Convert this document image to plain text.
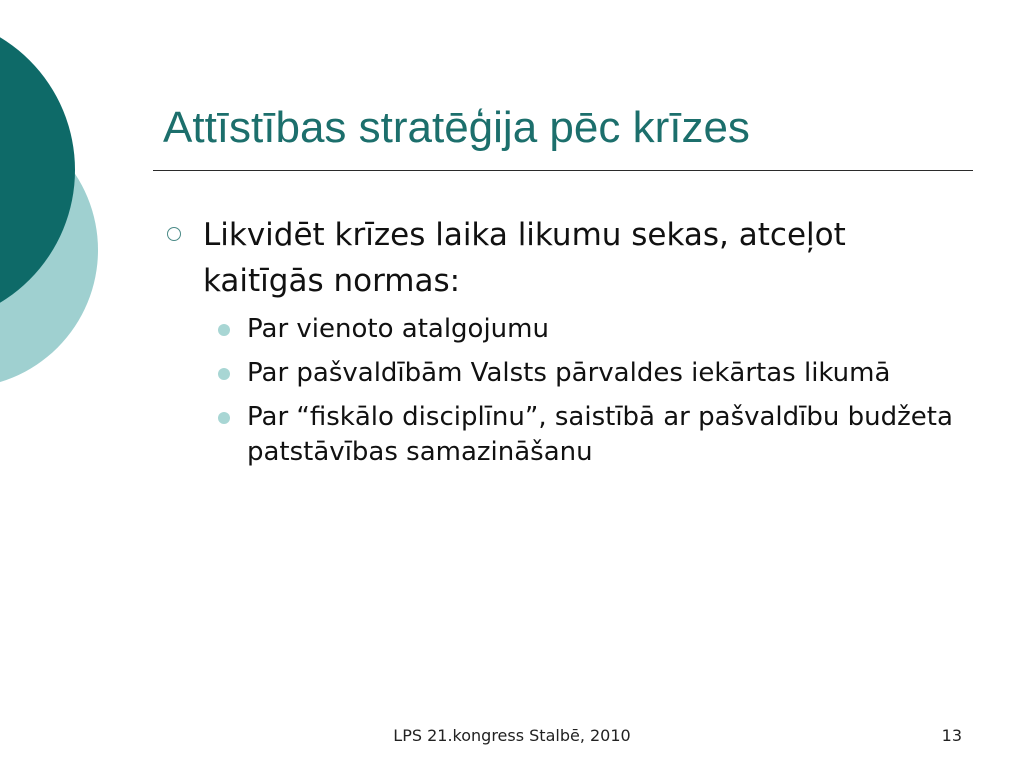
Attīstības stratēģija pēc krīzes
Likvidēt krīzes laika likumu sekas, atceļot kaitīgās normas:
Par vienoto atalgojumu
Par pašvaldībām Valsts pārvaldes iekārtas likumā
Par “fiskālo disciplīnu”, saistībā ar pašvaldību budžeta patstāvības samazināšanu
LPS 21.kongress Stalbē, 2010	13
